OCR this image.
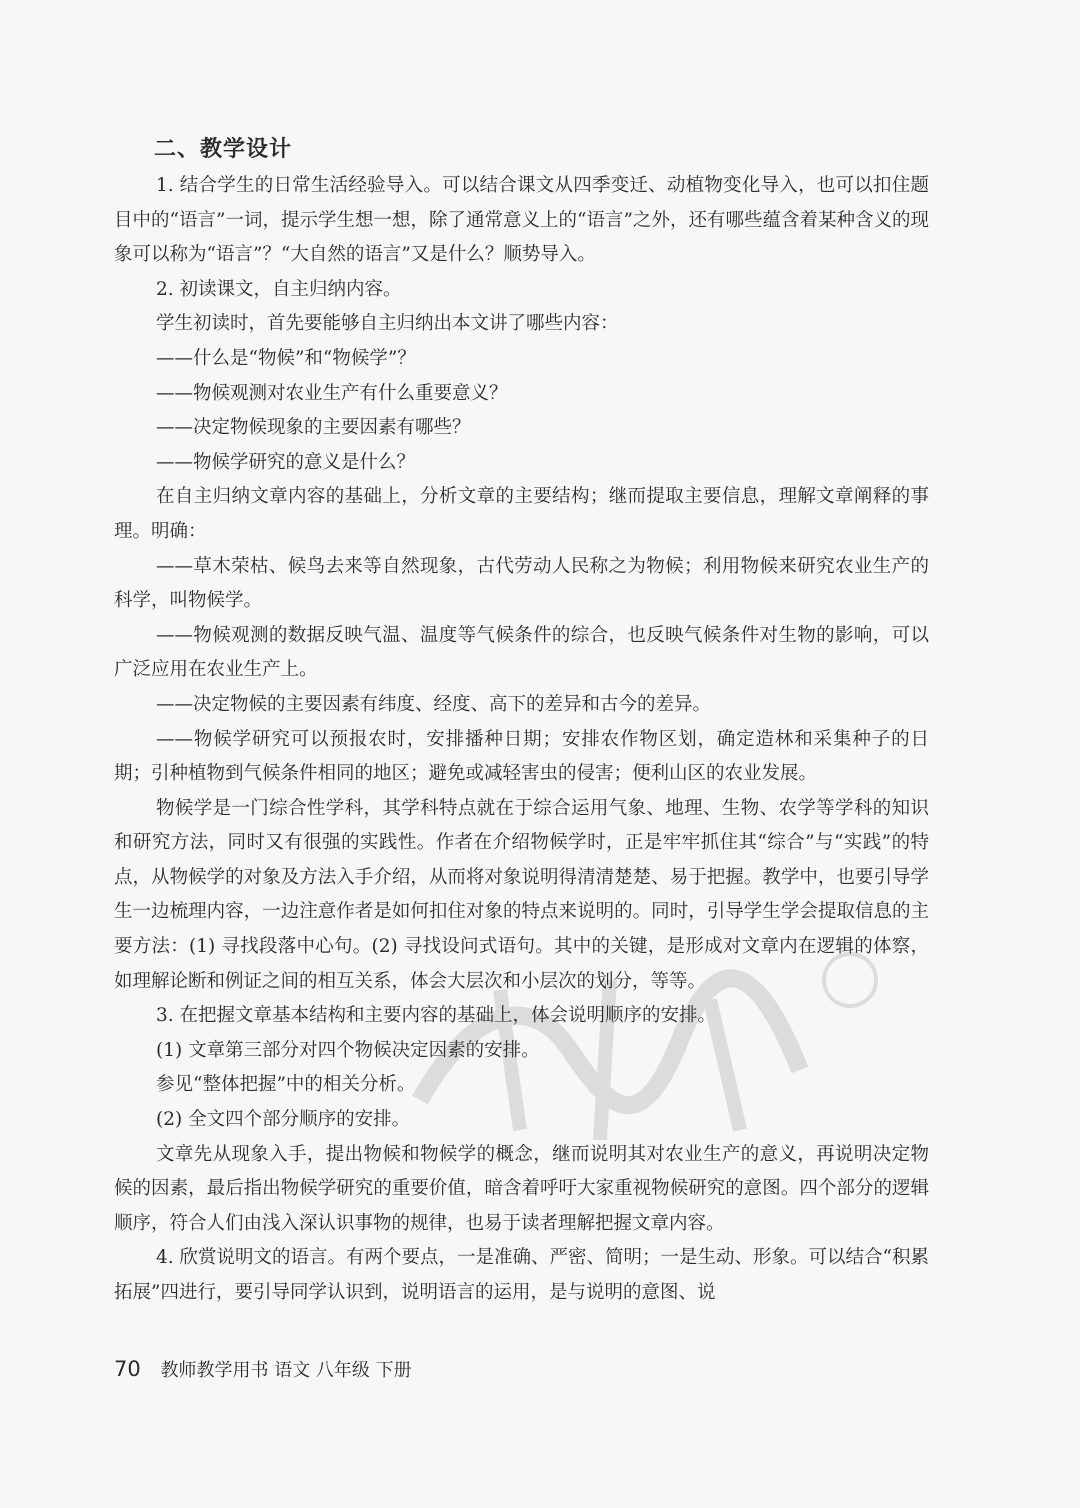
二、教学设计

1. 结合学生的日常生活经验导入。可以结合课文从四季变迁、动植物变化导入，也可以扣住题目中的“语言”一词，提示学生想一想，除了通常意义上的“语言”之外，还有哪些蕴含着某种含义的现象可以称为“语言”？“大自然的语言”又是什么？顺势导入。

2. 初读课文，自主归纳内容。

学生初读时，首先要能够自主归纳出本文讲了哪些内容：

——什么是“物候”和“物候学”？

——物候观测对农业生产有什么重要意义？

——决定物候现象的主要因素有哪些？

——物候学研究的意义是什么？

在自主归纳文章内容的基础上，分析文章的主要结构；继而提取主要信息，理解文章阐释的事理。明确：

——草木荣枯、候鸟去来等自然现象，古代劳动人民称之为物候；利用物候来研究农业生产的科学，叫物候学。

——物候观测的数据反映气温、温度等气候条件的综合，也反映气候条件对生物的影响，可以广泛应用在农业生产上。

——决定物候的主要因素有纬度、经度、高下的差异和古今的差异。

——物候学研究可以预报农时，安排播种日期；安排农作物区划，确定造林和采集种子的日期；引种植物到气候条件相同的地区；避免或减轻害虫的侵害；便利山区的农业发展。

物候学是一门综合性学科，其学科特点就在于综合运用气象、地理、生物、农学等学科的知识和研究方法，同时又有很强的实践性。作者在介绍物候学时，正是牢牢抓住其“综合”与“实践”的特点，从物候学的对象及方法入手介绍，从而将对象说明得清清楚楚、易于把握。教学中，也要引导学生一边梳理内容，一边注意作者是如何扣住对象的特点来说明的。同时，引导学生学会提取信息的主要方法：(1) 寻找段落中心句。(2) 寻找设问式语句。其中的关键，是形成对文章内在逻辑的体察，如理解论断和例证之间的相互关系，体会大层次和小层次的划分，等等。

3. 在把握文章基本结构和主要内容的基础上，体会说明顺序的安排。

(1) 文章第三部分对四个物候决定因素的安排。

参见“整体把握”中的相关分析。

(2) 全文四个部分顺序的安排。

文章先从现象入手，提出物候和物候学的概念，继而说明其对农业生产的意义，再说明决定物候的因素，最后指出物候学研究的重要价值，暗含着呼吁大家重视物候研究的意图。四个部分的逻辑顺序，符合人们由浅入深认识事物的规律，也易于读者理解把握文章内容。

4. 欣赏说明文的语言。有两个要点，一是准确、严密、简明；一是生动、形象。可以结合“积累拓展”四进行，要引导同学认识到，说明语言的运用，是与说明的意图、说

70 教师教学用书 语文 八年级 下册
